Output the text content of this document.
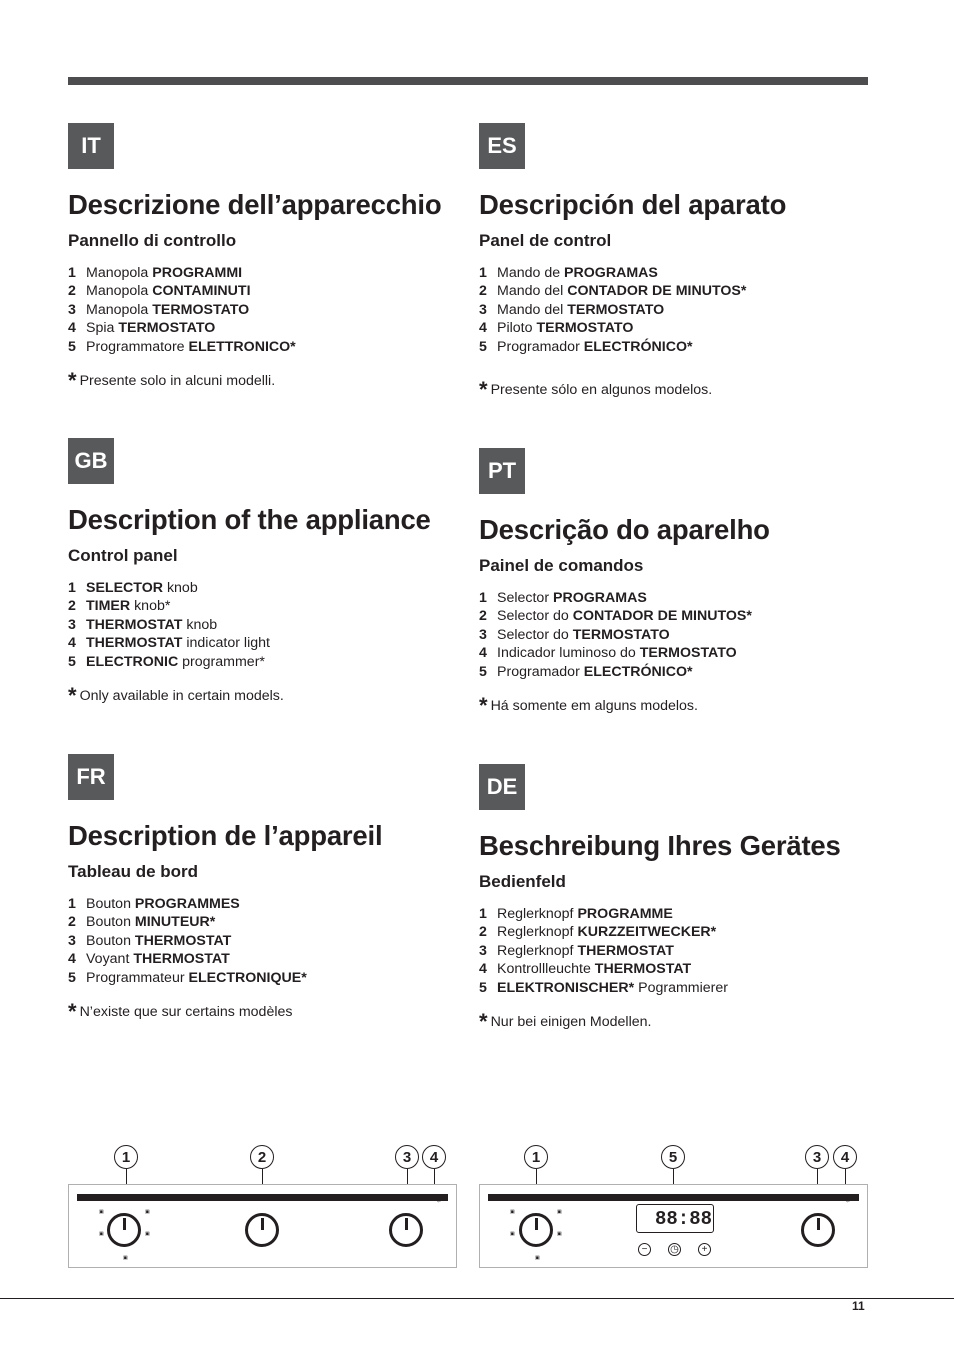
IT
Descrizione dell’apparecchio
Pannello di controllo
1 Manopola PROGRAMMI
2 Manopola CONTAMINUTI
3 Manopola TERMOSTATO
4 Spia TERMOSTATO
5 Programmatore ELETTRONICO*
* Presente solo in alcuni modelli.
GB
Description of the appliance
Control panel
1 SELECTOR knob
2 TIMER knob*
3 THERMOSTAT knob
4 THERMOSTAT indicator light
5 ELECTRONIC programmer*
* Only available in certain models.
FR
Description de l’appareil
Tableau de bord
1 Bouton PROGRAMMES
2 Bouton MINUTEUR*
3 Bouton THERMOSTAT
4 Voyant THERMOSTAT
5 Programmateur ELECTRONIQUE*
* N’existe que sur certains modèles
ES
Descripción del aparato
Panel de control
1 Mando de PROGRAMAS
2 Mando del CONTADOR DE MINUTOS*
3 Mando del TERMOSTATO
4 Piloto TERMOSTATO
5 Programador ELECTRÓNICO*
* Presente sólo en algunos modelos.
PT
Descrição do aparelho
Painel de comandos
1 Selector PROGRAMAS
2 Selector do CONTADOR DE MINUTOS*
3 Selector do TERMOSTATO
4 Indicador luminoso do TERMOSTATO
5 Programador ELECTRÓNICO*
* Há somente em alguns modelos.
DE
Beschreibung Ihres Gerätes
Bedienfeld
1 Reglerknopf PROGRAMME
2 Reglerknopf KURZZEITWECKER*
3 Reglerknopf THERMOSTAT
4 Kontrollleuchte THERMOSTAT
5 ELEKTRONISCHER* Pogrammierer
* Nur bei einigen Modellen.
1	2	3	4
▣	▣
▣	▣
▣
☼
1	5	3	4
▣	▣
▣	▣
▣
88:88
−	◷	+
☼
11
